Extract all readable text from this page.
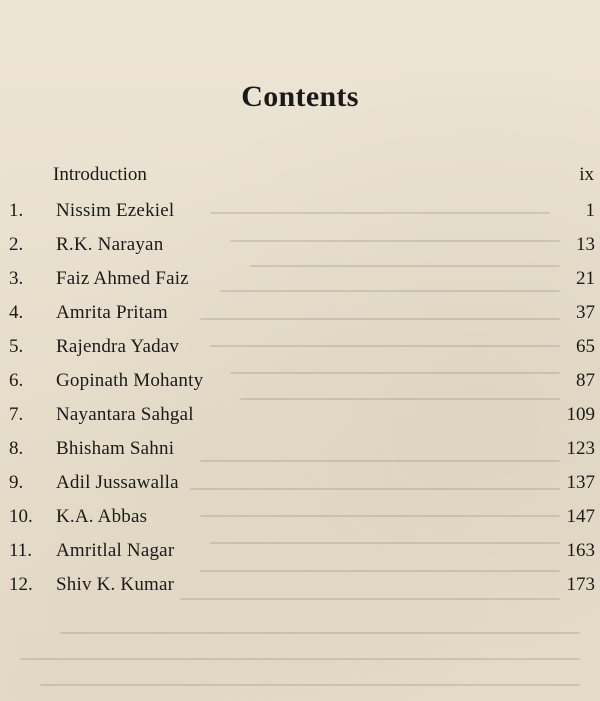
Contents
Introduction	ix
1. Nissim Ezekiel	1
2. R.K. Narayan	13
3. Faiz Ahmed Faiz	21
4. Amrita Pritam	37
5. Rajendra Yadav	65
6. Gopinath Mohanty	87
7. Nayantara Sahgal	109
8. Bhisham Sahni	123
9. Adil Jussawalla	137
10. K.A. Abbas	147
11. Amritlal Nagar	163
12. Shiv K. Kumar	173
